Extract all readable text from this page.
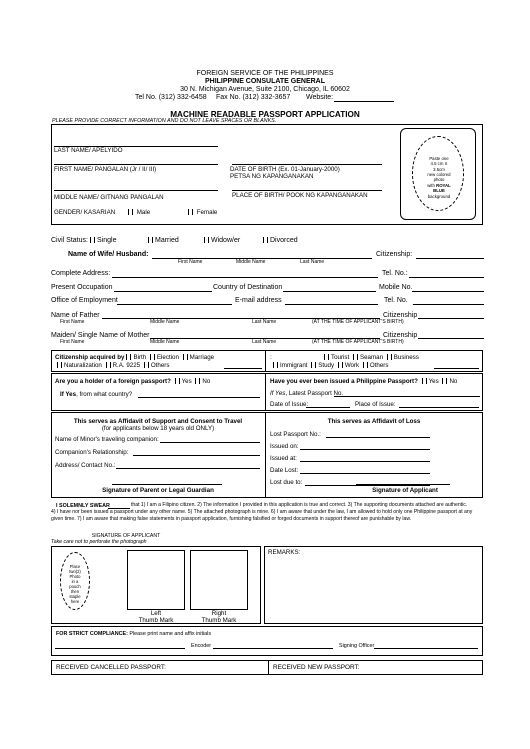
FOREIGN SERVICE OF THE PHILIPPINES
PHILIPPINE CONSULATE GENERAL
30 N. Michigan Avenue, Suite 2100, Chicago, IL 60602
Tel No. (312) 332-6458 Fax No. (312) 332-3657 Website:
MACHINE READABLE PASSPORT APPLICATION
PLEASE PROVIDE CORRECT INFORMATION AND DO NOT LEAVE SPACES OR BLANKS.
LAST NAME/ APELYIDO
FIRST NAME/ PANGALAN (Jr / II/ III)	DATE OF BIRTH (Ex. 01-January-2000)
PETSA NG KAPANGANAKAN
MIDDLE NAME/ GITNANG PANGALAN	PLACE OF BIRTH/ POOK NG KAPANGANAKAN
GENDER/ KASARIAN	Male	Female
Paste one
4.5 cm X
3.5cm
new colored
photo
with ROYAL
BLUE
background
Civil Status:	Single	Married	Widow/er	Divorced
Name of Wife/ Husband:
First Name	Middle Name	Last Name
Citizenship:
Complete Address:	Tel. No.:
Present Occupation	Country of Destination	Mobile No.
Office of Employment	E-mail address	Tel. No.
Name of Father
First Name	Middle Name	Last Name	(AT THE TIME OF APPLICANT'S BIRTH)
Citizenship
Maiden/ Single Name of Mother
First Name	Middle Name	Last Name	(AT THE TIME OF APPLICANT'S BIRTH)
Citizenship
Citizenship acquired by Birth Election Marriage
Naturalization R.A. 9225 Others
:	Tourist Seaman Business
Immigrant Study Work Others
Are you a holder of a foreign passport? Yes No
If Yes, from what country?
Have you ever been issued a Philippine Passport? Yes No
If Yes, Latest Passport No.
Date of Issue:	Place of Issue:
This serves as Affidavit of Support and Consent to Travel
(for applicants below 18 years old ONLY)
Name of Minor's traveling companion:
Companion's Relationship:
Address/ Contact No.:
Signature of Parent or Legal Guardian
This serves as Affidavit of Loss
Lost Passport No.:
Issued on:
Issued at:
Date Lost:
Lost due to:
Signature of Applicant
I SOLEMNLY SWEAR	that 1) I am a Filipino citizen. 2) The information I provided in this application is true and correct. 3) The supporting documents attached are authentic.
4) I have nor been issued a passport under any other name. 5) The attached photograph is mine. 6) I am aware that under the law, I am allowed to hold only one Philippine passport at any
given time. 7) I am aware that making false statements in passport application, furnishing falsified or forged documents in support thereof are punishable by law.
SIGNATURE OF APPLICANT
Take care not to perforate the photograph
Place
two(2)
Photo
in a
pouch
then
staple
here
Left
Thumb Mark
Right
Thumb Mark
REMARKS:
FOR STRICT COMPLIANCE: Please print name and affix initials
Encoder	Signing Officer
RECEIVED CANCELLED PASSPORT:	RECEIVED NEW PASSPORT:
